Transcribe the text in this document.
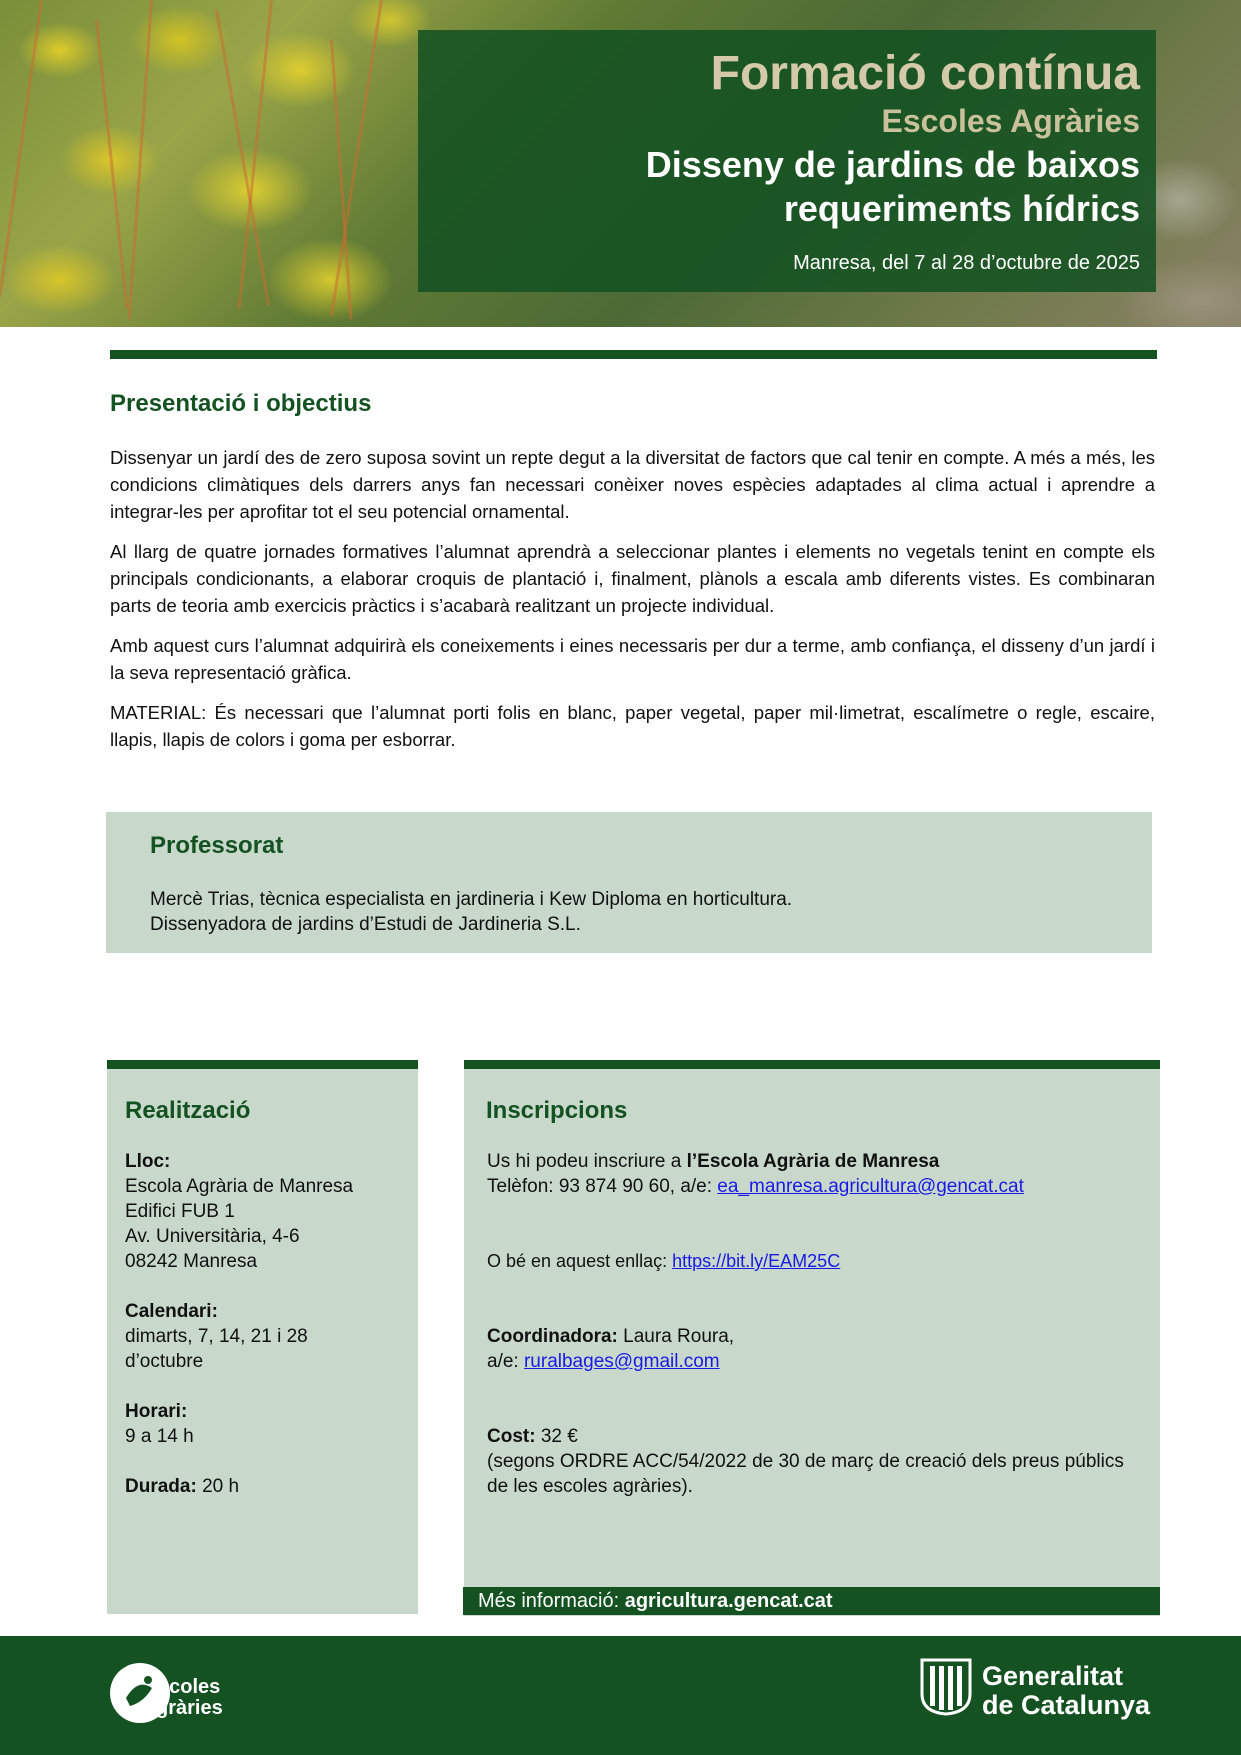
Formació contínua
Escoles Agràries
Disseny de jardins de baixos
requeriments hídrics
Manresa, del 7 al 28 d’octubre de 2025
Presentació i objectius

Dissenyar un jardí des de zero suposa sovint un repte degut a la diversitat de factors que cal tenir en compte. A més a més, les condicions climàtiques dels darrers anys fan necessari conèixer noves espècies adaptades al clima actual i aprendre a integrar-les per aprofitar tot el seu potencial ornamental.

Al llarg de quatre jornades formatives l’alumnat aprendrà a seleccionar plantes i elements no vegetals tenint en compte els principals condicionants, a elaborar croquis de plantació i, finalment, plànols a escala amb diferents vistes. Es combinaran parts de teoria amb exercicis pràctics i s’acabarà realitzant un projecte individual.

Amb aquest curs l’alumnat adquirirà els coneixements i eines necessaris per dur a terme, amb confiança, el disseny d’un jardí i la seva representació gràfica.

MATERIAL: És necessari que l’alumnat porti folis en blanc, paper vegetal, paper mil·limetrat, escalímetre o regle, escaire, llapis, llapis de colors i goma per esborrar.

Professorat
Mercè Trias, tècnica especialista en jardineria i Kew Diploma en horticultura.
Dissenyadora de jardins d’Estudi de Jardineria S.L.
Realització
Lloc:
Escola Agrària de Manresa
Edifici FUB 1
Av. Universitària, 4-6
08242 Manresa
Calendari:
dimarts, 7, 14, 21 i 28
d’octubre
Horari:
9 a 14 h
Durada: 20 h
Inscripcions
Us hi podeu inscriure a l’Escola Agrària de Manresa
Telèfon: 93 874 90 60, a/e: ea_manresa.agricultura@gencat.cat
O bé en aquest enllaç: https://bit.ly/EAM25C
Coordinadora: Laura Roura,
a/e: ruralbages@gmail.com
Cost: 32 €
(segons ORDRE ACC/54/2022 de 30 de març de creació dels preus públics de les escoles agràries).
Més informació: agricultura.gencat.cat
scoles
gràries
Generalitat
de Catalunya
